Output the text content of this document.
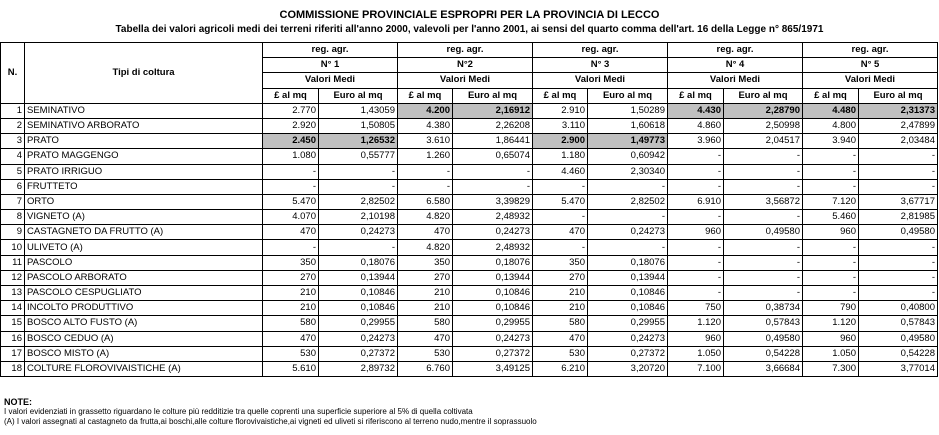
COMMISSIONE PROVINCIALE ESPROPRI PER LA PROVINCIA DI LECCO
Tabella dei valori agricoli medi dei terreni riferiti all'anno 2000, valevoli per l'anno 2001, ai sensi del quarto comma dell'art. 16 della Legge n° 865/1971
N.	Tipi di coltura	reg. agr.		reg. agr.		reg. agr.		reg. agr.		reg. agr.	
		N° 1		N°2		N° 3		N° 4		N° 5	
		Valori Medi		Valori Medi		Valori Medi		Valori Medi		Valori Medi	
		£ al mq	Euro al mq	£ al mq	Euro al mq	£ al mq	Euro al mq	£ al mq	Euro al mq	£ al mq	Euro al mq
1	SEMINATIVO	2.770	1,43059	4.200	2,16912	2.910	1,50289	4.430	2,28790	4.480	2,31373
2	SEMINATIVO ARBORATO	2.920	1,50805	4.380	2,26208	3.110	1,60618	4.860	2,50998	4.800	2,47899
3	PRATO	2.450	1,26532	3.610	1,86441	2.900	1,49773	3.960	2,04517	3.940	2,03484
4	PRATO MAGGENGO	1.080	0,55777	1.260	0,65074	1.180	0,60942	-	-	-	-
5	PRATO IRRIGUO	-	-	-	-	4.460	2,30340	-	-	-	-
6	FRUTTETO	-	-	-	-	-	-	-	-	-	-
7	ORTO	5.470	2,82502	6.580	3,39829	5.470	2,82502	6.910	3,56872	7.120	3,67717
8	VIGNETO (A)	4.070	2,10198	4.820	2,48932	-	-	-	-	5.460	2,81985
9	CASTAGNETO DA FRUTTO (A)	470	0,24273	470	0,24273	470	0,24273	960	0,49580	960	0,49580
10	ULIVETO (A)	-	-	4.820	2,48932	-	-	-	-	-	-
11	PASCOLO	350	0,18076	350	0,18076	350	0,18076	-	-	-	-
12	PASCOLO ARBORATO	270	0,13944	270	0,13944	270	0,13944	-	-	-	-
13	PASCOLO CESPUGLIATO	210	0,10846	210	0,10846	210	0,10846	-	-	-	-
14	INCOLTO PRODUTTIVO	210	0,10846	210	0,10846	210	0,10846	750	0,38734	790	0,40800
15	BOSCO ALTO FUSTO (A)	580	0,29955	580	0,29955	580	0,29955	1.120	0,57843	1.120	0,57843
16	BOSCO CEDUO (A)	470	0,24273	470	0,24273	470	0,24273	960	0,49580	960	0,49580
17	BOSCO MISTO (A)	530	0,27372	530	0,27372	530	0,27372	1.050	0,54228	1.050	0,54228
18	COLTURE FLOROVIVAISTICHE (A)	5.610	2,89732	6.760	3,49125	6.210	3,20720	7.100	3,66684	7.300	3,77014
NOTE:
I valori evidenziati in grassetto riguardano le colture più redditizie tra quelle coprenti una superficie superiore al 5% di quella coltivata
(A) I valori assegnati al castagneto da frutta,ai boschi,alle colture florovivaistiche,ai vigneti ed uliveti si riferiscono al terreno nudo,mentre il soprassuolo
